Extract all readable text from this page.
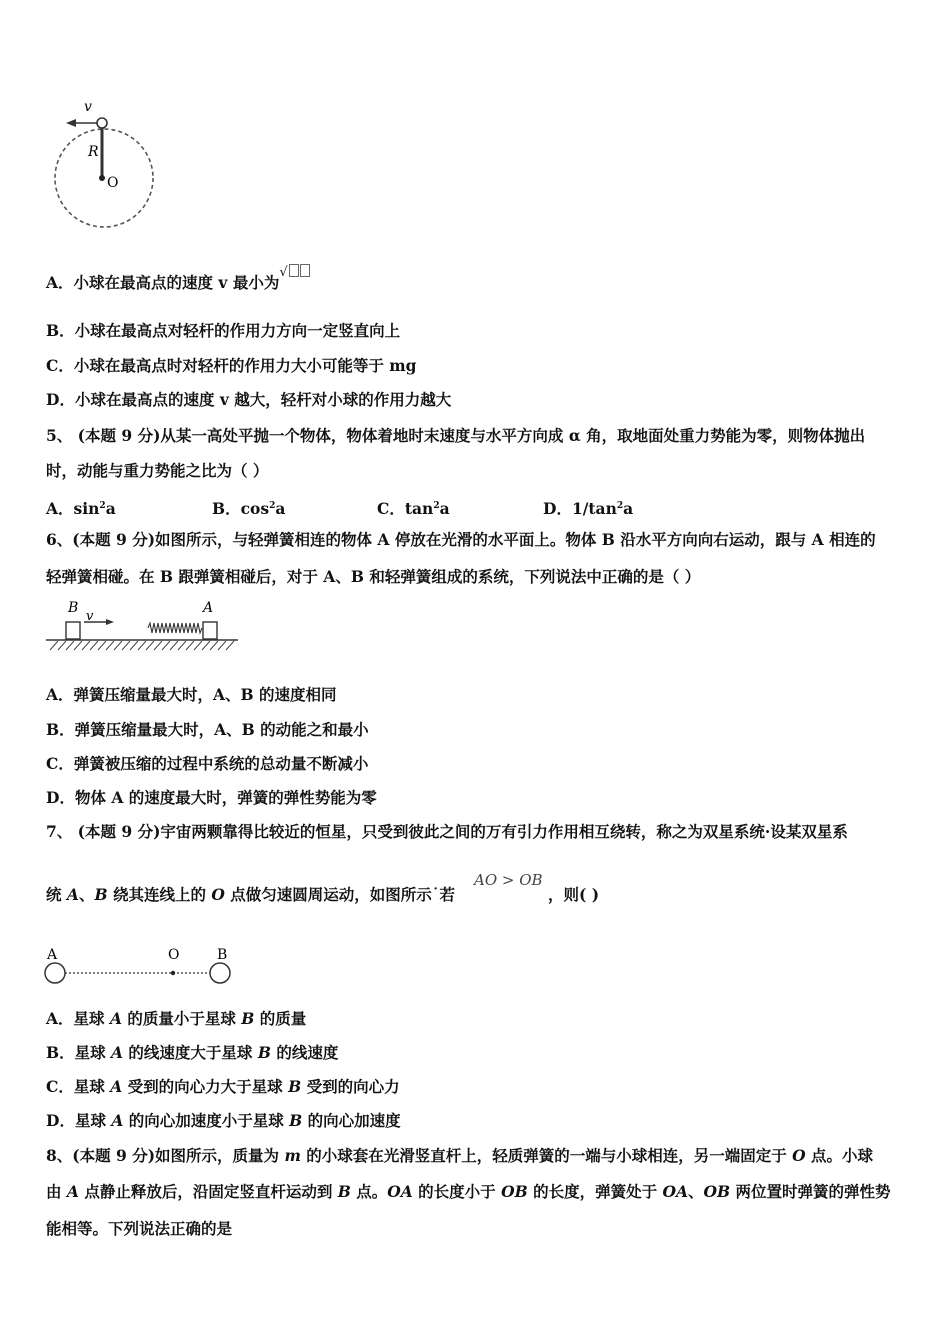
v
R
O
A．小球在最高点的速度 v 最小为√
B．小球在最高点对轻杆的作用力方向一定竖直向上
C．小球在最高点时对轻杆的作用力大小可能等于 mg
D．小球在最高点的速度 v 越大，轻杆对小球的作用力越大
5、 (本题 9 分)从某一高处平抛一个物体，物体着地时末速度与水平方向成 α 角，取地面处重力势能为零，则物体抛出
时，动能与重力势能之比为（ ）
A．$\sin^2a$	B．$\cos^2a$	C．$\tan^2a$	D．$1/\tan^2a$
6、(本题 9 分)如图所示，与轻弹簧相连的物体 A 停放在光滑的水平面上。物体 B 沿水平方向向右运动，跟与 A 相连的
轻弹簧相碰。在 B 跟弹簧相碰后，对于 A、B 和轻弹簧组成的系统，下列说法中正确的是（ ）
B
v
A
A．弹簧压缩量最大时，A、B 的速度相同
B．弹簧压缩量最大时，A、B 的动能之和最小
C．弹簧被压缩的过程中系统的总动量不断减小
D．物体 A 的速度最大时，弹簧的弹性势能为零
7、 (本题 9 分)宇宙两颗靠得比较近的恒星，只受到彼此之间的万有引力作用相互绕转，称之为双星系统·设某双星系
统 A、B 绕其连线上的 O 点做匀速圆周运动，如图所示˙若
AO > OB
，则( )
A	O	B
A．星球 A 的质量小于星球 B 的质量
B．星球 A 的线速度大于星球 B 的线速度
C．星球 A 受到的向心力大于星球 B 受到的向心力
D．星球 A 的向心加速度小于星球 B 的向心加速度
8、(本题 9 分)如图所示，质量为 m 的小球套在光滑竖直杆上，轻质弹簧的一端与小球相连，另一端固定于 O 点。小球
由 A 点静止释放后，沿固定竖直杆运动到 B 点。OA 的长度小于 OB 的长度，弹簧处于 OA、OB 两位置时弹簧的弹性势
能相等。下列说法正确的是
